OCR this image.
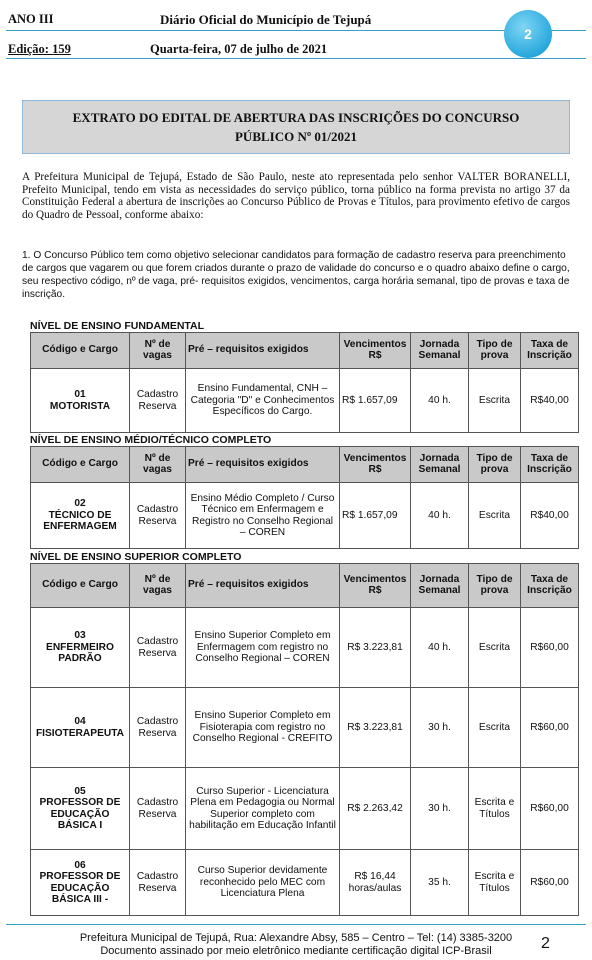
ANO III	Diário Oficial do Município de Tejupá
Edição: 159	Quarta-feira, 07 de julho de 2021
2
EXTRATO DO EDITAL DE ABERTURA DAS INSCRIÇÕES DO CONCURSO
PÚBLICO Nº 01/2021
A Prefeitura Municipal de Tejupá, Estado de São Paulo, neste ato representada pelo senhor VALTER BORANELLI, Prefeito Municipal, tendo em vista as necessidades do serviço público, torna público na forma prevista no artigo 37 da Constituição Federal a abertura de inscrições ao Concurso Público de Provas e Títulos, para provimento efetivo de cargos do Quadro de Pessoal, conforme abaixo:
1. O Concurso Público tem como objetivo selecionar candidatos para formação de cadastro reserva para preenchimento de cargos que vagarem ou que forem criados durante o prazo de validade do concurso e o quadro abaixo define o cargo, seu respectivo código, nº de vaga, pré- requisitos exigidos, vencimentos, carga horária semanal, tipo de provas e taxa de inscrição.
NÍVEL DE ENSINO FUNDAMENTAL
Código e Cargo	Nº de vagas	Pré – requisitos exigidos	Vencimentos R$	Jornada Semanal	Tipo de prova	Taxa de Inscrição

01
MOTORISTA	Cadastro Reserva	Ensino Fundamental, CNH – Categoria "D" e Conhecimentos Específicos do Cargo.	R$ 1.657,09	40 h.	Escrita	R$40,00
NÍVEL DE ENSINO MÉDIO/TÉCNICO COMPLETO
Código e Cargo	Nº de vagas	Pré – requisitos exigidos	Vencimentos R$	Jornada Semanal	Tipo de prova	Taxa de Inscrição

02
TÉCNICO DE ENFERMAGEM	Cadastro Reserva	Ensino Médio Completo / Curso Técnico em Enfermagem e Registro no Conselho Regional – COREN	R$ 1.657,09	40 h.	Escrita	R$40,00
NÍVEL DE ENSINO SUPERIOR COMPLETO
Código e Cargo	Nº de vagas	Pré – requisitos exigidos	Vencimentos R$	Jornada Semanal	Tipo de prova	Taxa de Inscrição

03
ENFERMEIRO PADRÃO	Cadastro Reserva	Ensino Superior Completo em Enfermagem com registro no Conselho Regional – COREN	R$ 3.223,81	40 h.	Escrita	R$60,00

04
FISIOTERAPEUTA	Cadastro Reserva	Ensino Superior Completo em Fisioterapia com registro no Conselho Regional - CREFITO	R$ 3.223,81	30 h.	Escrita	R$60,00

05
PROFESSOR DE EDUCAÇÃO BÁSICA I	Cadastro Reserva	Curso Superior - Licenciatura Plena em Pedagogia ou Normal Superior completo com habilitação em Educação Infantil	R$ 2.263,42	30 h.	Escrita e Títulos	R$60,00

06
PROFESSOR DE EDUCAÇÃO BÁSICA III -	Cadastro Reserva	Curso Superior devidamente reconhecido pelo MEC com Licenciatura Plena	R$ 16,44 horas/aulas	35 h.	Escrita e Títulos	R$60,00
Prefeitura Municipal de Tejupá, Rua: Alexandre Absy, 585 – Centro – Tel: (14) 3385-3200
Documento assinado por meio eletrônico mediante certificação digital ICP-Brasil	2
